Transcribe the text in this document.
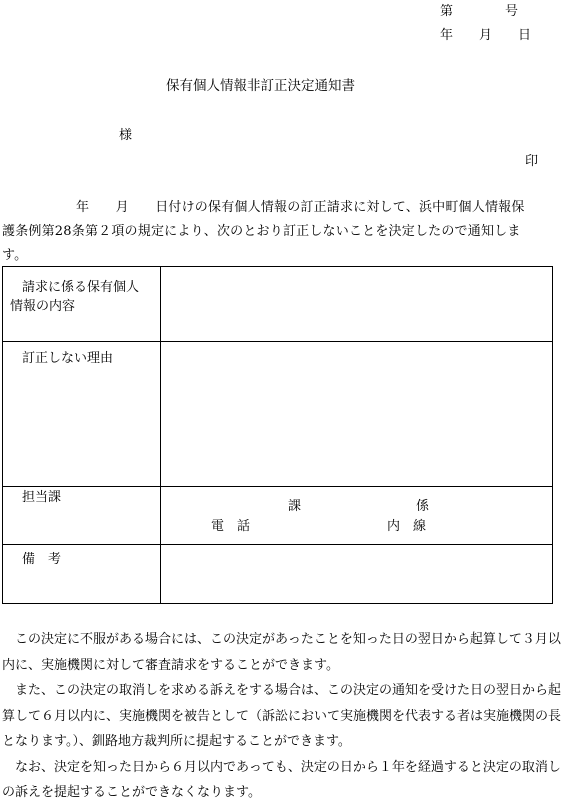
第　　　　号
年　　月　　日
保有個人情報非訂正決定通知書
様
印
年　　月　　日付けの保有個人情報の訂正請求に対して、浜中町個人情報保
護条例第28条第２項の規定により、次のとおり訂正しないことを決定したので通知しま
す。
請求に係る保有個人
情報の内容	

訂正しない理由	

担当課	課 係
電　話 内　線

備　考	

この決定に不服がある場合には、この決定があったことを知った日の翌日から起算して３月以内に、実施機関に対して審査請求をすることができます。

また、この決定の取消しを求める訴えをする場合は、この決定の通知を受けた日の翌日から起算して６月以内に、実施機関を被告として（訴訟において実施機関を代表する者は実施機関の長となります。）、釧路地方裁判所に提起することができます。

なお、決定を知った日から６月以内であっても、決定の日から１年を経過すると決定の取消しの訴えを提起することができなくなります。
